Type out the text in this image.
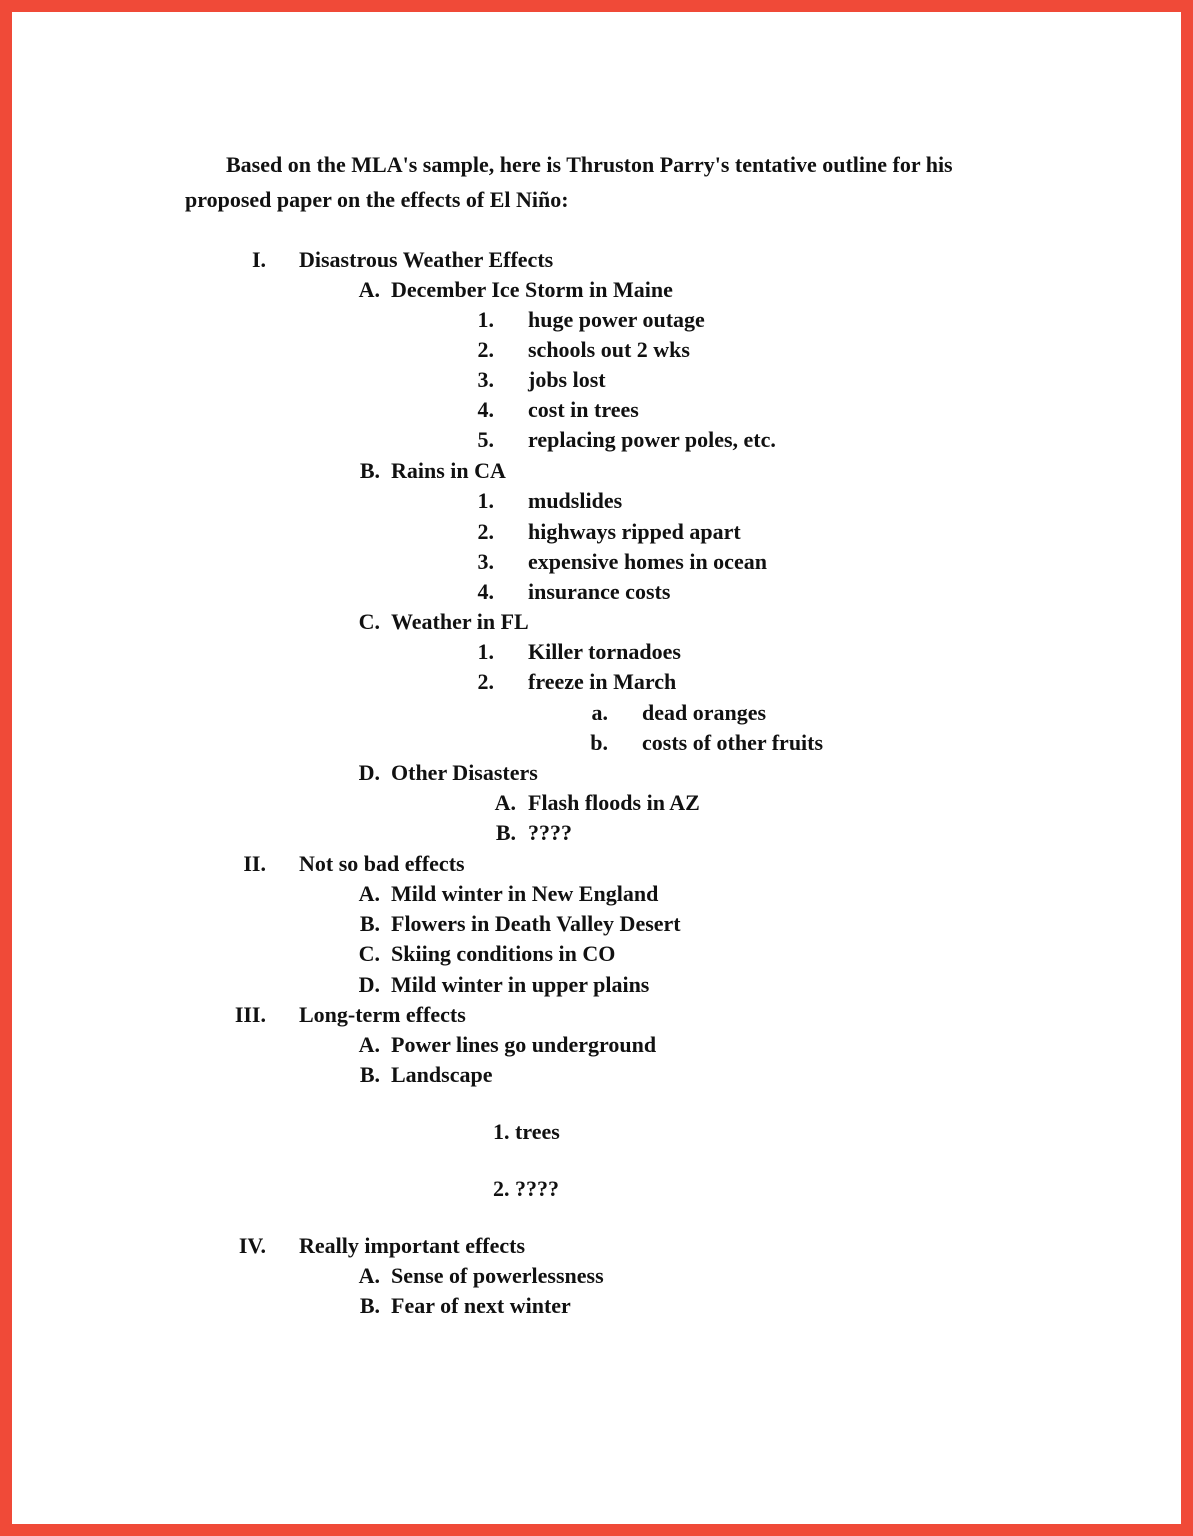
Based on the MLA's sample, here is Thruston Parry's tentative outline for his
proposed paper on the effects of El Niño:
I. Disastrous Weather Effects
A. December Ice Storm in Maine
1. huge power outage
2. schools out 2 wks
3. jobs lost
4. cost in trees
5. replacing power poles, etc.
B. Rains in CA
1. mudslides
2. highways ripped apart
3. expensive homes in ocean
4. insurance costs
C. Weather in FL
1. Killer tornadoes
2. freeze in March
a. dead oranges
b. costs of other fruits
D. Other Disasters
A. Flash floods in AZ
B. ????
II. Not so bad effects
A. Mild winter in New England
B. Flowers in Death Valley Desert
C. Skiing conditions in CO
D. Mild winter in upper plains
III. Long-term effects
A. Power lines go underground
B. Landscape
1. trees
2. ????
IV. Really important effects
A. Sense of powerlessness
B. Fear of next winter
